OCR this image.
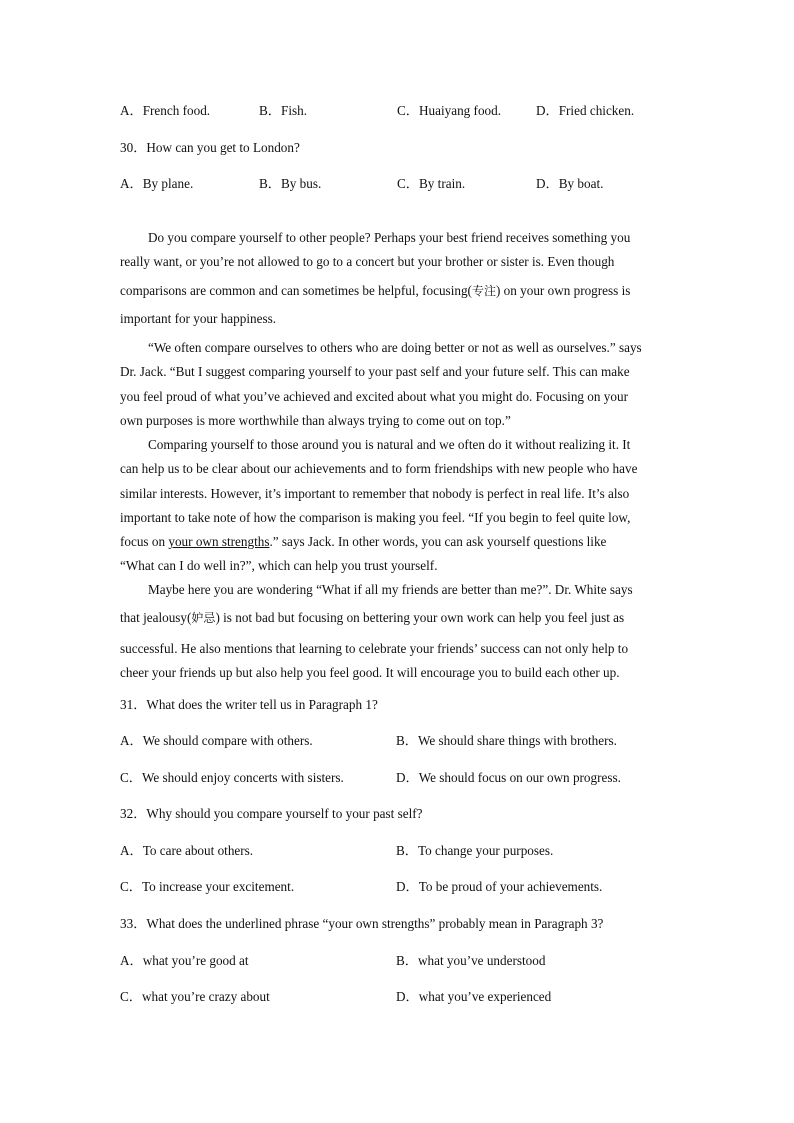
A．French food.	B．Fish.	C．Huaiyang food.	D．Fried chicken.
30．How can you get to London?
A．By plane.	B．By bus.	C．By train.	D．By boat.
Do you compare yourself to other people? Perhaps your best friend receives something you
really want, or you’re not allowed to go to a concert but your brother or sister is. Even though
comparisons are common and can sometimes be helpful, focusing(专注) on your own progress is
important for your happiness.
“We often compare ourselves to others who are doing better or not as well as ourselves.” says
Dr. Jack. “But I suggest comparing yourself to your past self and your future self. This can make
you feel proud of what you’ve achieved and excited about what you might do. Focusing on your
own purposes is more worthwhile than always trying to come out on top.”
Comparing yourself to those around you is natural and we often do it without realizing it. It
can help us to be clear about our achievements and to form friendships with new people who have
similar interests. However, it’s important to remember that nobody is perfect in real life. It’s also
important to take note of how the comparison is making you feel. “If you begin to feel quite low,
focus on your own strengths.” says Jack. In other words, you can ask yourself questions like
“What can I do well in?”, which can help you trust yourself.
Maybe here you are wondering “What if all my friends are better than me?”. Dr. White says
that jealousy(妒忌) is not bad but focusing on bettering your own work can help you feel just as
successful. He also mentions that learning to celebrate your friends’ success can not only help to
cheer your friends up but also help you feel good. It will encourage you to build each other up.
31．What does the writer tell us in Paragraph 1?
A．We should compare with others.	B．We should share things with brothers.
C．We should enjoy concerts with sisters.	D．We should focus on our own progress.
32．Why should you compare yourself to your past self?
A．To care about others.	B．To change your purposes.
C．To increase your excitement.	D．To be proud of your achievements.
33．What does the underlined phrase “your own strengths” probably mean in Paragraph 3?
A．what you’re good at	B．what you’ve understood
C．what you’re crazy about	D．what you’ve experienced
